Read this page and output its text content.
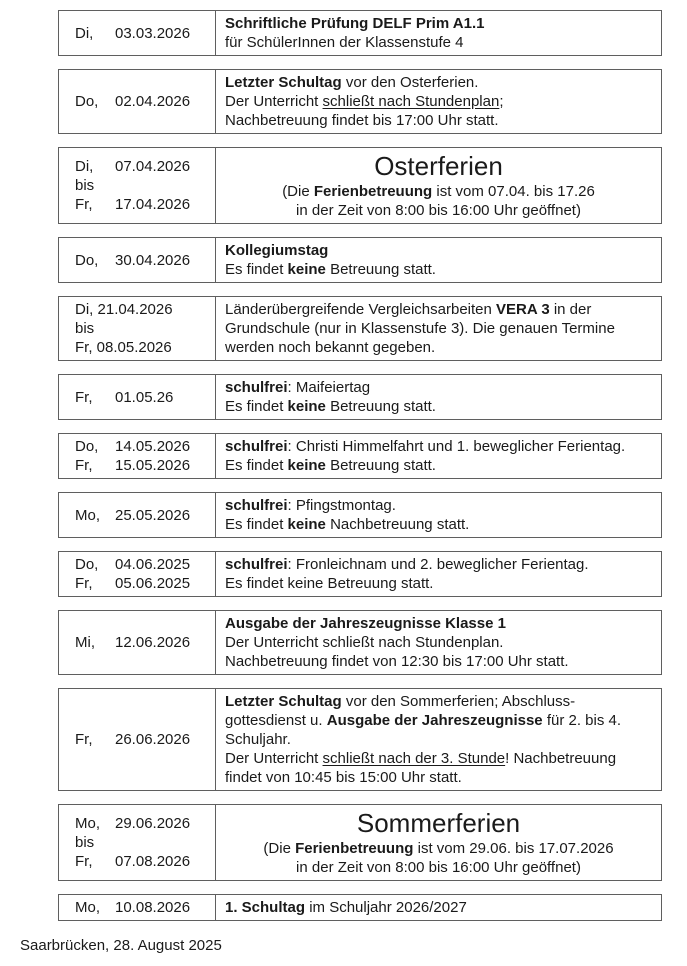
Di, 03.03.2026
Schriftliche Prüfung DELF Prim A1.1
für SchülerInnen der Klassenstufe 4
Do, 02.04.2026
Letzter Schultag vor den Osterferien.
Der Unterricht schließt nach Stundenplan;
Nachbetreuung findet bis 17:00 Uhr statt.
Di, 07.04.2026
bis
Fr, 17.04.2026
Osterferien
(Die Ferienbetreuung ist vom 07.04. bis 17.26
in der Zeit von 8:00 bis 16:00 Uhr geöffnet)
Do, 30.04.2026
Kollegiumstag
Es findet keine Betreuung statt.
Di, 21.04.2026
bis
Fr, 08.05.2026
Länderübergreifende Vergleichsarbeiten VERA 3 in der
Grundschule (nur in Klassenstufe 3). Die genauen Termine
werden noch bekannt gegeben.
Fr, 01.05.26
schulfrei: Maifeiertag
Es findet keine Betreuung statt.
Do, 14.05.2026
Fr, 15.05.2026
schulfrei: Christi Himmelfahrt und 1. beweglicher Ferientag.
Es findet keine Betreuung statt.
Mo, 25.05.2026
schulfrei: Pfingstmontag.
Es findet keine Nachbetreuung statt.
Do, 04.06.2025
Fr, 05.06.2025
schulfrei: Fronleichnam und 2. beweglicher Ferientag.
Es findet keine Betreuung statt.
Mi, 12.06.2026
Ausgabe der Jahreszeugnisse Klasse 1
Der Unterricht schließt nach Stundenplan.
Nachbetreuung findet von 12:30 bis 17:00 Uhr statt.
Fr, 26.06.2026
Letzter Schultag vor den Sommerferien; Abschluss-
gottesdienst u. Ausgabe der Jahreszeugnisse für 2. bis 4.
Schuljahr.
Der Unterricht schließt nach der 3. Stunde! Nachbetreuung
findet von 10:45 bis 15:00 Uhr statt.
Mo, 29.06.2026
bis
Fr, 07.08.2026
Sommerferien
(Die Ferienbetreuung ist vom 29.06. bis 17.07.2026
in der Zeit von 8:00 bis 16:00 Uhr geöffnet)
Mo, 10.08.2026	1. Schultag im Schuljahr 2026/2027
Saarbrücken, 28. August 2025
